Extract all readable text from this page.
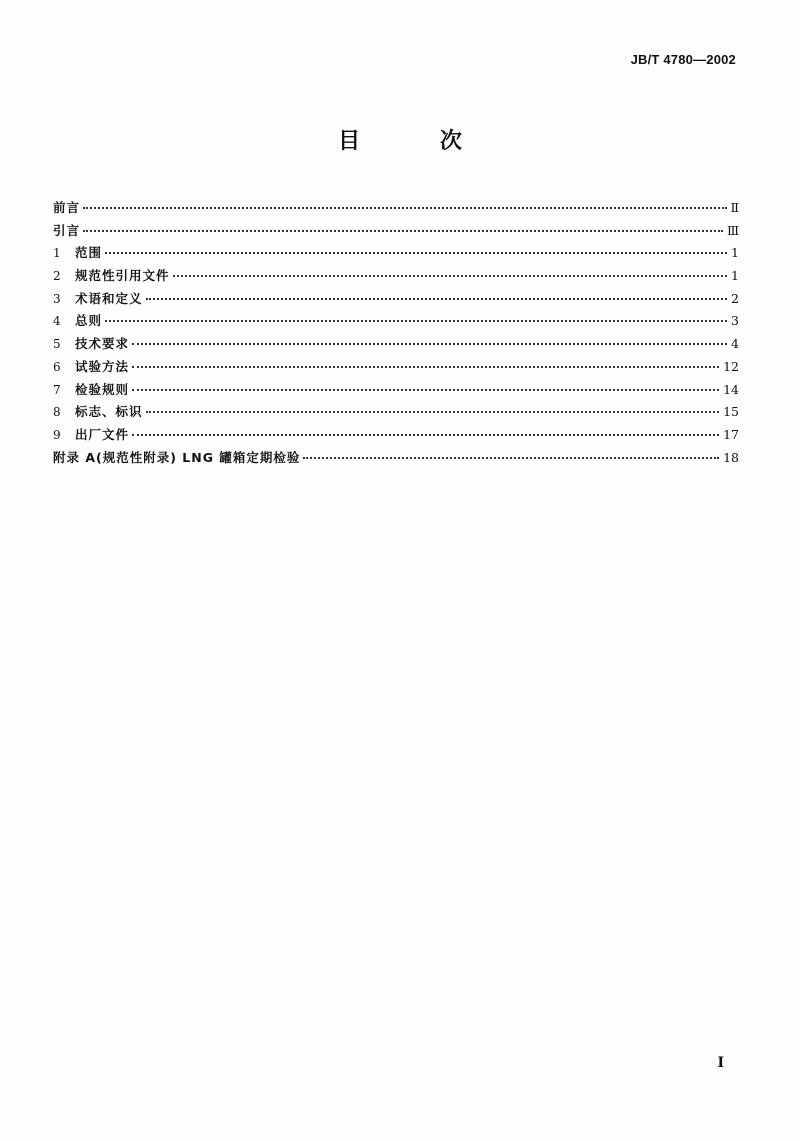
JB/T 4780—2002
目 次
前言	Ⅱ
引言	Ⅲ
1	范围	1
2	规范性引用文件	1
3	术语和定义	2
4	总则	3
5	技术要求	4
6	试验方法	12
7	检验规则	14
8	标志、标识	15
9	出厂文件	17
附录 A(规范性附录) LNG 罐箱定期检验	18
I
